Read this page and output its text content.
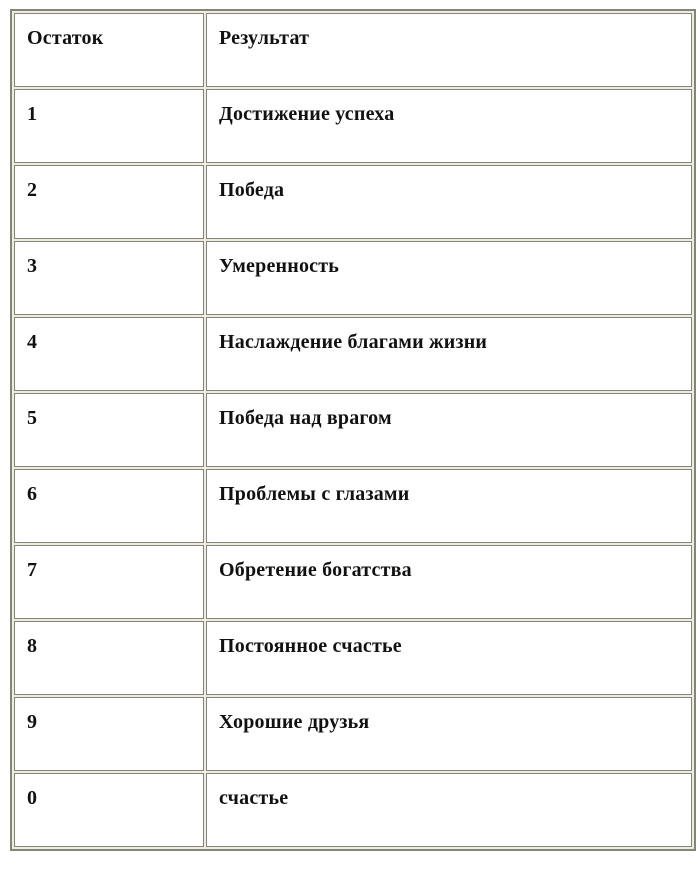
Остаток	Результат
1	Достижение успеха
2	Победа
3	Умеренность
4	Наслаждение благами жизни
5	Победа над врагом
6	Проблемы с глазами
7	Обретение богатства
8	Постоянное счастье
9	Хорошие друзья
0	счастье
